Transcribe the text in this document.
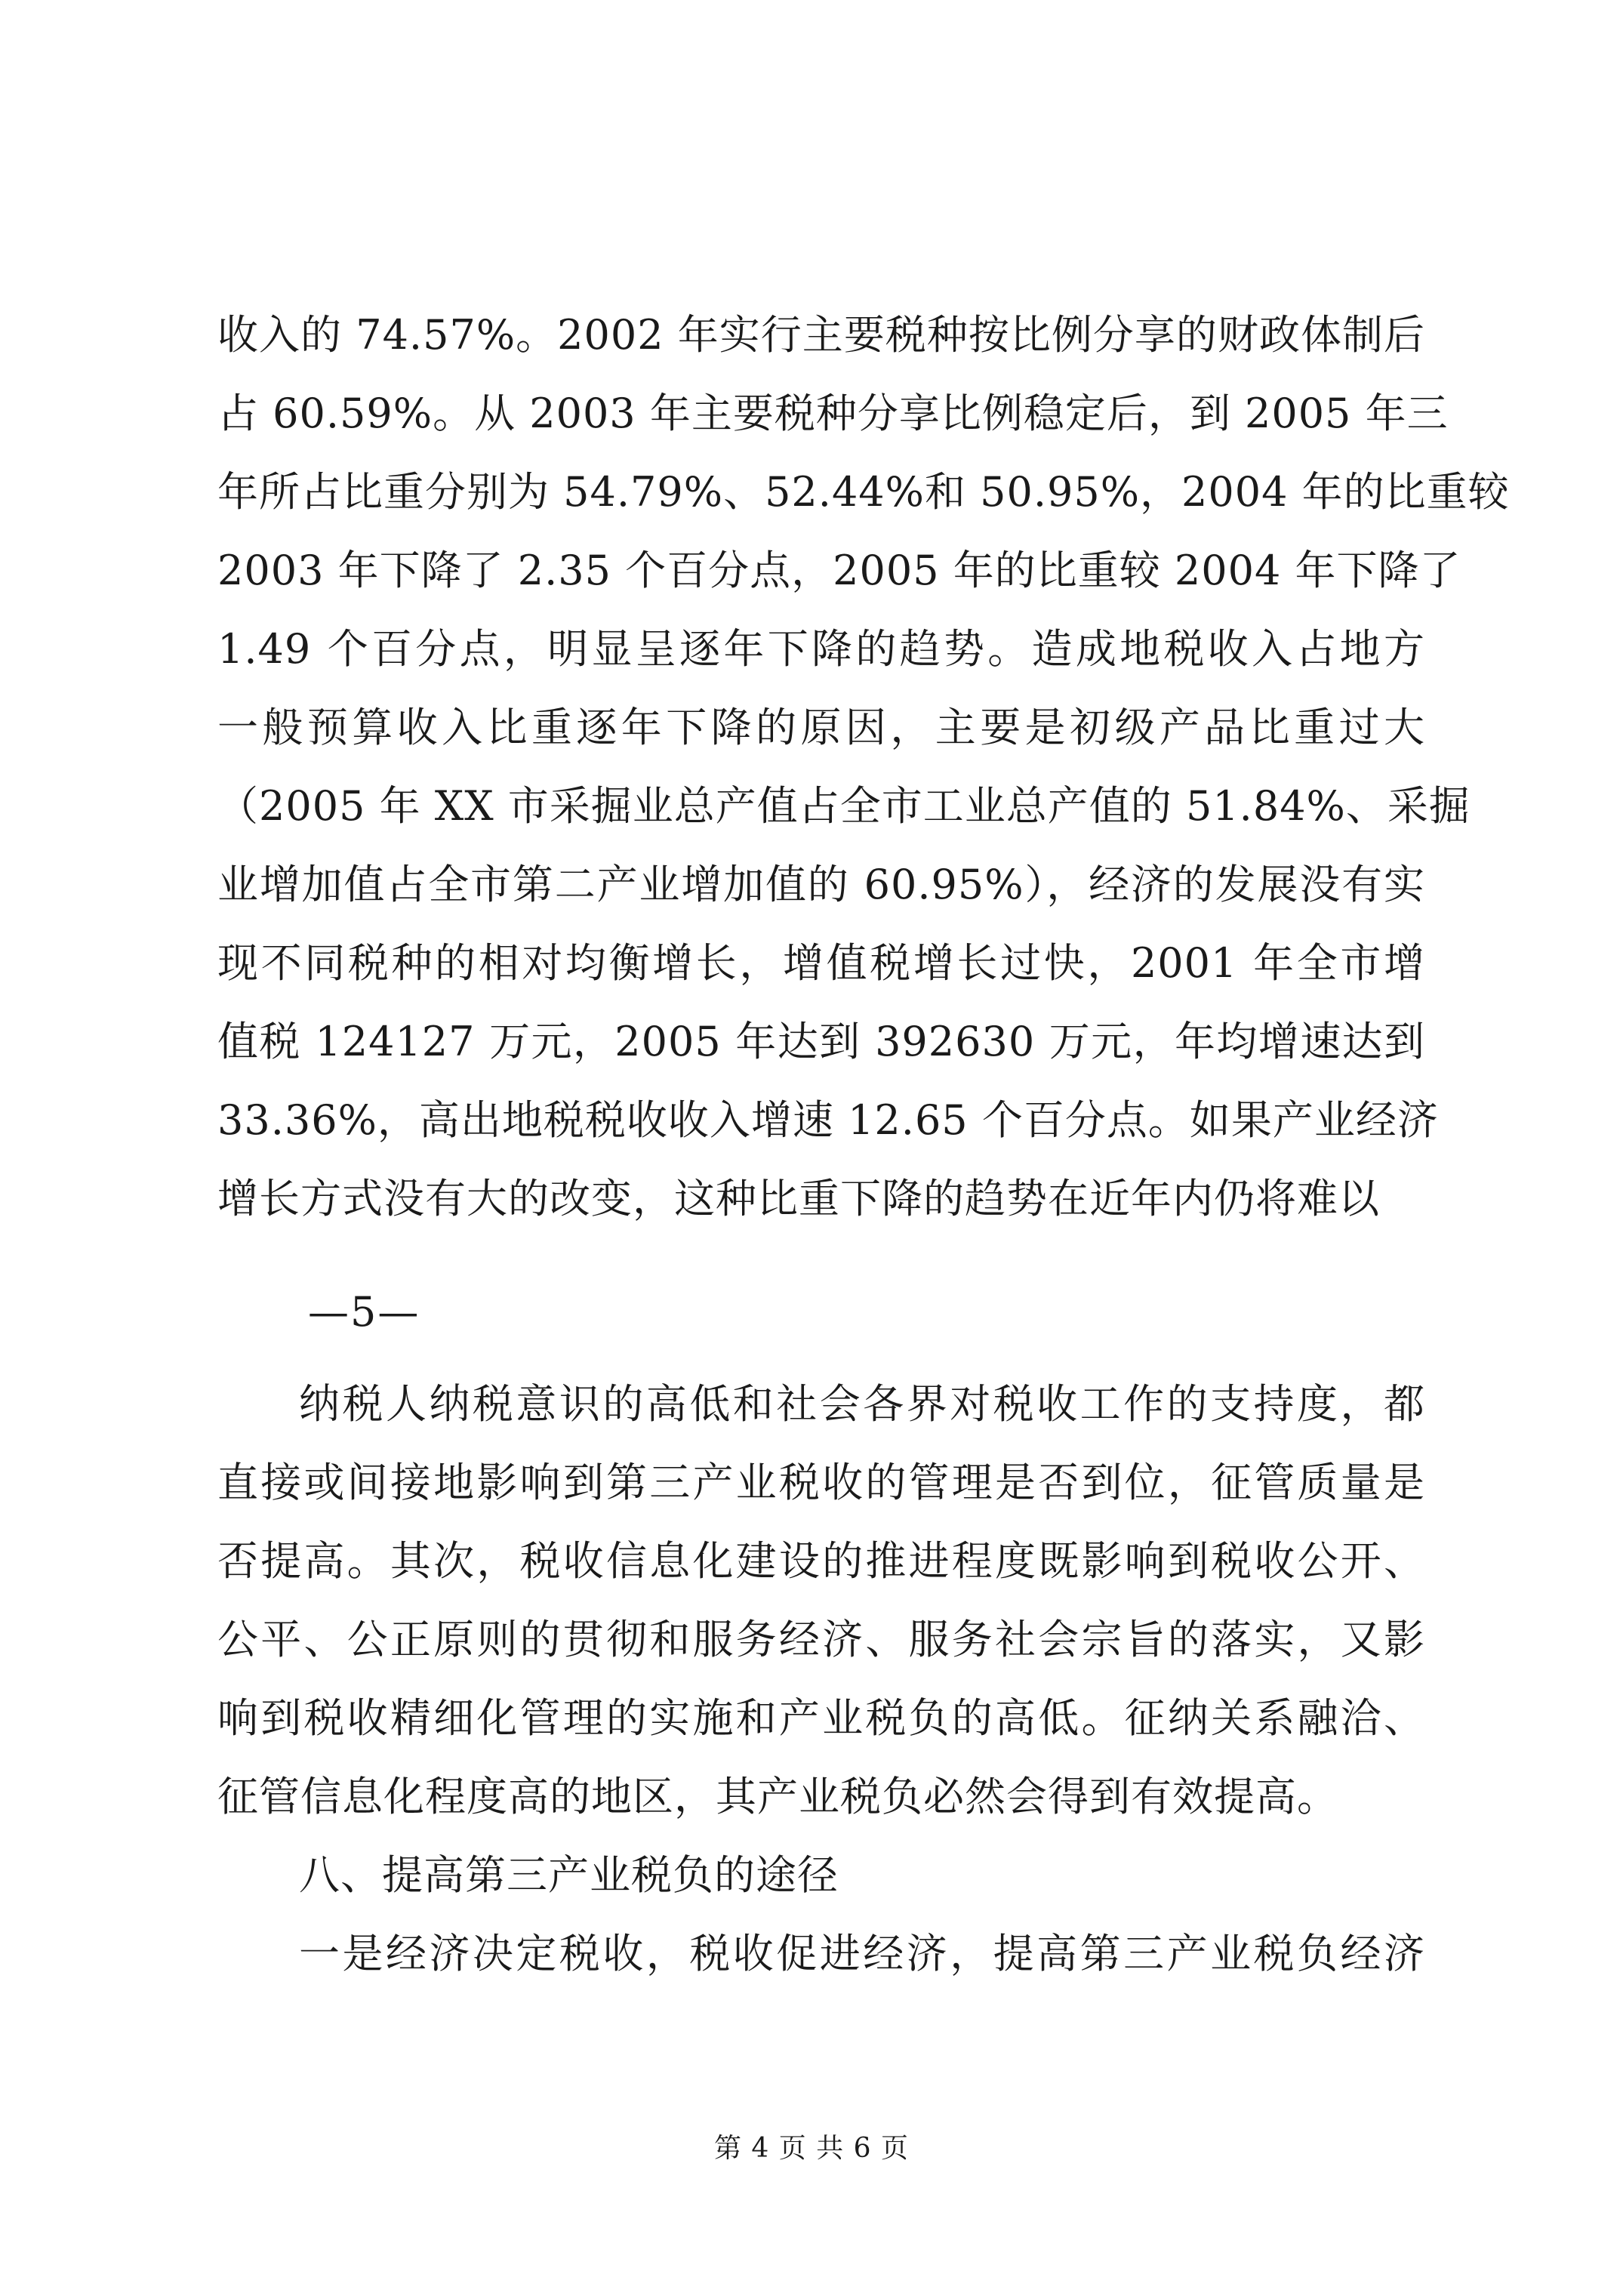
收入的 74.57%。2002 年实行主要税种按比例分享的财政体制后
占 60.59%。从 2003 年主要税种分享比例稳定后，到 2005 年三
年所占比重分别为 54.79%、52.44%和 50.95%，2004 年的比重较
2003 年下降了 2.35 个百分点，2005 年的比重较 2004 年下降了
1.49 个百分点，明显呈逐年下降的趋势。造成地税收入占地方
一般预算收入比重逐年下降的原因，主要是初级产品比重过大
（2005 年 XX 市采掘业总产值占全市工业总产值的 51.84%、采掘
业增加值占全市第二产业增加值的 60.95%），经济的发展没有实
现不同税种的相对均衡增长，增值税增长过快，2001 年全市增
值税 124127 万元，2005 年达到 392630 万元，年均增速达到
33.36%，高出地税税收收入增速 12.65 个百分点。如果产业经济
增长方式没有大的改变，这种比重下降的趋势在近年内仍将难以
—5—
纳税人纳税意识的高低和社会各界对税收工作的支持度，都
直接或间接地影响到第三产业税收的管理是否到位，征管质量是
否提高。其次，税收信息化建设的推进程度既影响到税收公开、
公平、公正原则的贯彻和服务经济、服务社会宗旨的落实，又影
响到税收精细化管理的实施和产业税负的高低。征纳关系融洽、
征管信息化程度高的地区，其产业税负必然会得到有效提高。
八、提高第三产业税负的途径
一是经济决定税收，税收促进经济，提高第三产业税负经济
第 4 页 共 6 页
